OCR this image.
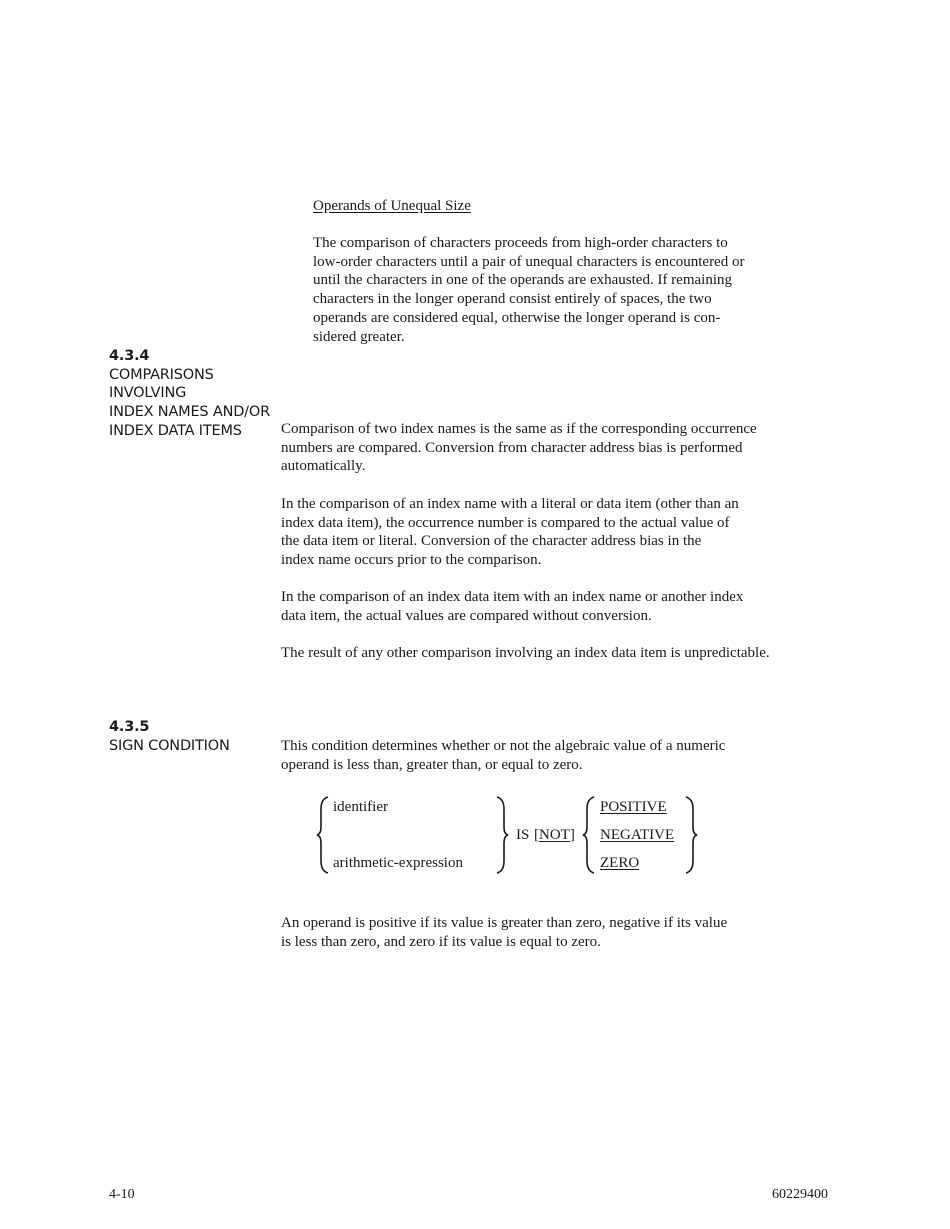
Operands of Unequal Size

The comparison of characters proceeds from high-order characters to

low-order characters until a pair of unequal characters is encountered or

until the characters in one of the operands are exhausted. If remaining

characters in the longer operand consist entirely of spaces, the two

operands are considered equal, otherwise the longer operand is con-

sidered greater.

4.3.4

COMPARISONS

INVOLVING

INDEX NAMES AND/OR

INDEX DATA ITEMS	Comparison of two index names is the same as if the corresponding occurrence

numbers are compared. Conversion from character address bias is performed

automatically.

In the comparison of an index name with a literal or data item (other than an

index data item), the occurrence number is compared to the actual value of

the data item or literal. Conversion of the character address bias in the

index name occurs prior to the comparison.

In the comparison of an index data item with an index name or another index

data item, the actual values are compared without conversion.

The result of any other comparison involving an index data item is unpredictable.

4.3.5

SIGN CONDITION	This condition determines whether or not the algebraic value of a numeric

operand is less than, greater than, or equal to zero.

identifier
arithmetic-expression
IS [NOT]
POSITIVE
NEGATIVE
ZERO

An operand is positive if its value is greater than zero, negative if its value

is less than zero, and zero if its value is equal to zero.

4-10	60229400
